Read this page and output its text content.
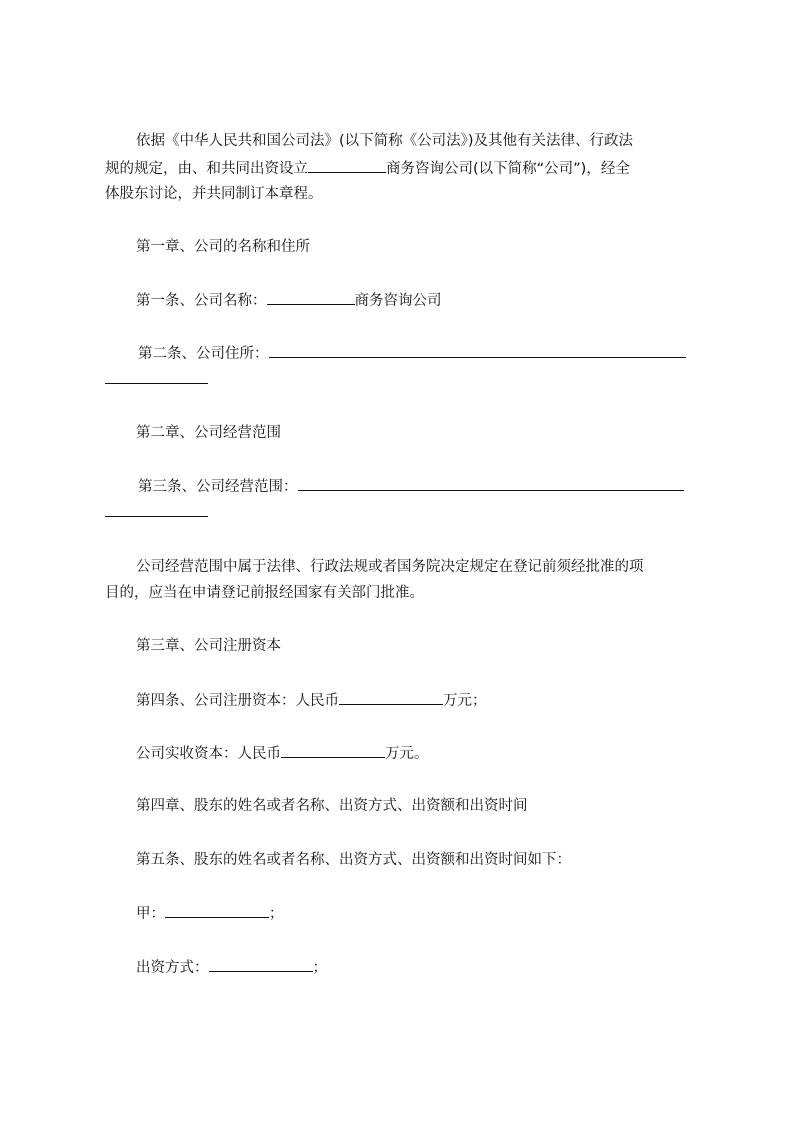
依据《中华人民共和国公司法》(以下简称《公司法》)及其他有关法律、行政法
规的规定，由、和共同出资设立	商务咨询公司(以下简称“公司”)，经全
体股东讨论，并共同制订本章程。
第一章、公司的名称和住所
第一条、公司名称：	商务咨询公司
第二条、公司住所：
第二章、公司经营范围
第三条、公司经营范围：
公司经营范围中属于法律、行政法规或者国务院决定规定在登记前须经批准的项
目的，应当在申请登记前报经国家有关部门批准。
第三章、公司注册资本
第四条、公司注册资本：人民币	万元；
公司实收资本：人民币	万元。
第四章、股东的姓名或者名称、出资方式、出资额和出资时间
第五条、股东的姓名或者名称、出资方式、出资额和出资时间如下：
甲：	；
出资方式：	；
